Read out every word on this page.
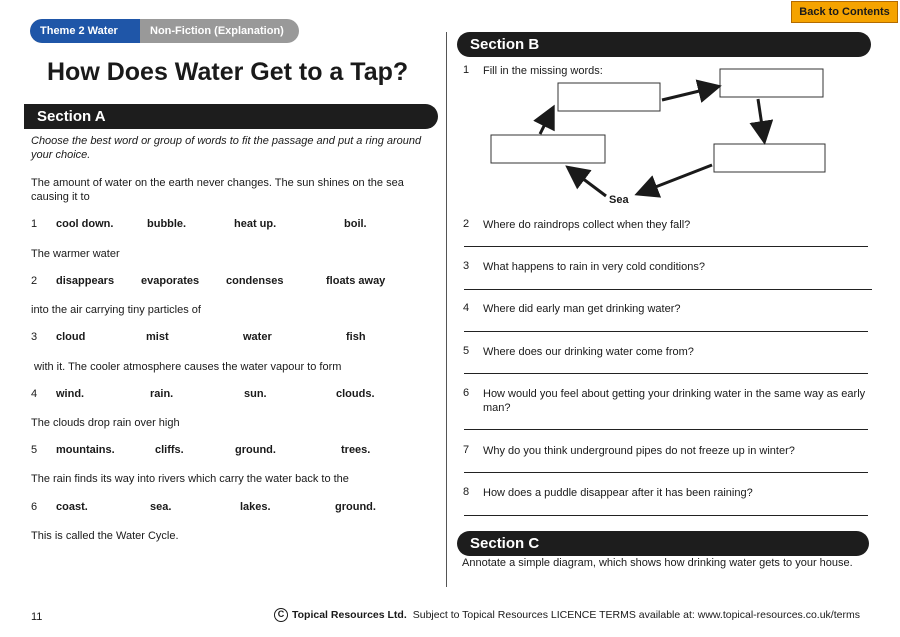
Theme 2 Water	Non-Fiction (Explanation)
How Does Water Get to a Tap?
Back to Contents
Section A
Choose the best word or group of words to fit the passage and put a ring around your choice.
The amount of water on the earth never changes. The sun shines on the sea causing it to
1 cool down.	bubble.	heat up.	boil.
The warmer water
2 disappears evaporates condenses	floats away
into the air carrying tiny particles of
3 cloud	mist	water	fish
with it. The cooler atmosphere causes the water vapour to form
4 wind.	rain.	sun.	clouds.
The clouds drop rain over high
5 mountains.	cliffs.	ground.	trees.
The rain finds its way into rivers which carry the water back to the
6 coast.	sea.	lakes.	ground.
This is called the Water Cycle.
Section B
1 Fill in the missing words:
Sea
2 Where do raindrops collect when they fall?
3 What happens to rain in very cold conditions?
4 Where did early man get drinking water?
5 Where does our drinking water come from?
6 How would you feel about getting your drinking water in the same way as early man?
7 Why do you think underground pipes do not freeze up in winter?
8 How does a puddle disappear after it has been raining?
Section C
Annotate a simple diagram, which shows how drinking water gets to your house.
11	C Topical Resources Ltd. Subject to Topical Resources LICENCE TERMS available at: www.topical-resources.co.uk/terms
